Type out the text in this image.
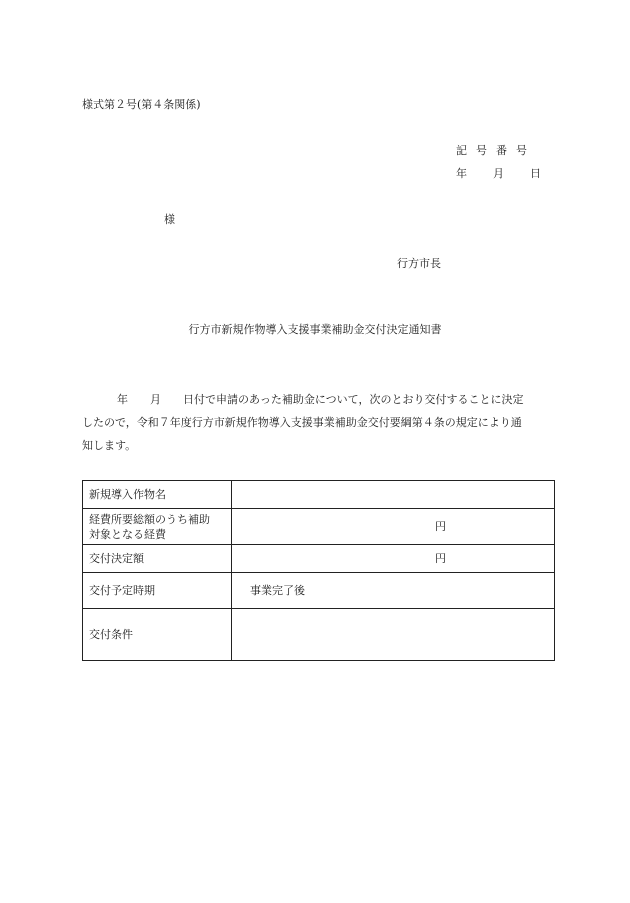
様式第２号(第４条関係)
記号番号
年 月 日
様
行方市長
行方市新規作物導入支援事業補助金交付決定通知書
年　　月　　日付で申請のあった補助金について，次のとおり交付することに決定
したので，令和７年度行方市新規作物導入支援事業補助金交付要綱第４条の規定により通
知します。
新規導入作物名	
経費所要総額のうち補助
対象となる経費	円
交付決定額	円
交付予定時期	事業完了後
交付条件	
